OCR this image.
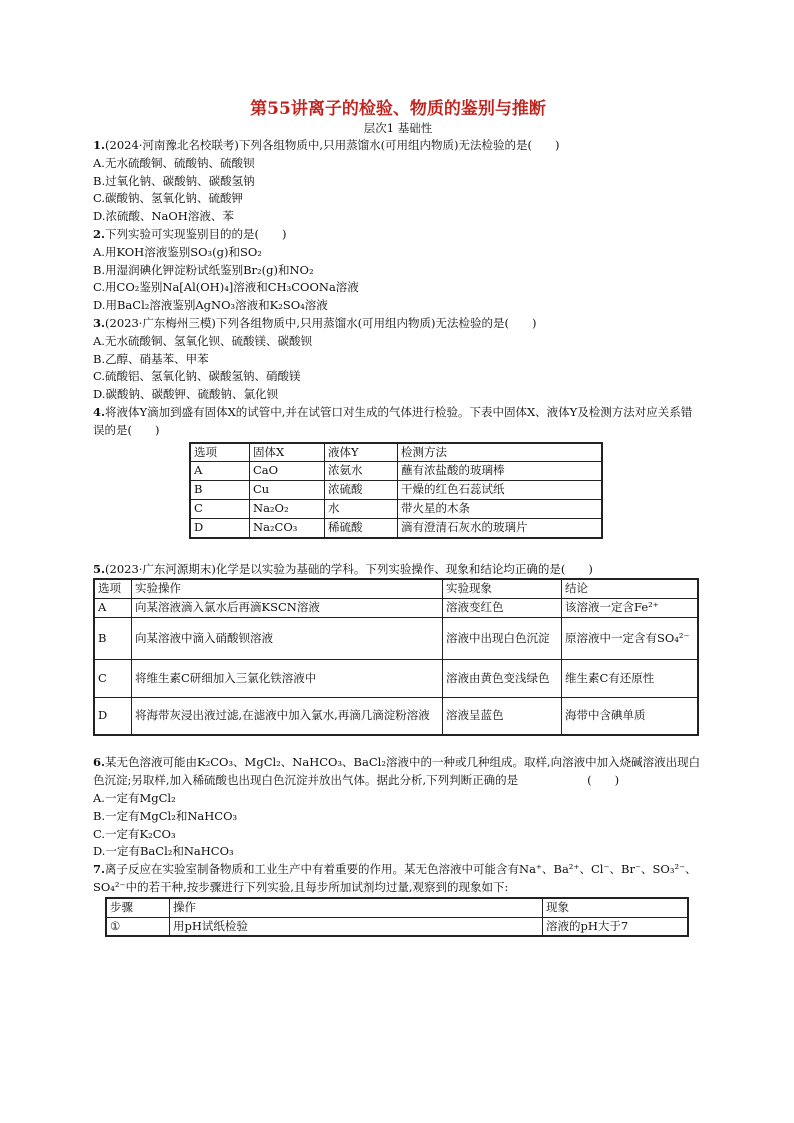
第55讲离子的检验、物质的鉴别与推断

层次1 基础性

1.(2024·河南豫北名校联考)下列各组物质中,只用蒸馏水(可用组内物质)无法检验的是(　　)

A.无水硫酸铜、硫酸钠、硫酸钡

B.过氧化钠、碳酸钠、碳酸氢钠

C.碳酸钠、氢氧化钠、硫酸钾

D.浓硫酸、NaOH溶液、苯

2.下列实验可实现鉴别目的的是(　　)

A.用KOH溶液鉴别SO₃(g)和SO₂

B.用湿润碘化钾淀粉试纸鉴别Br₂(g)和NO₂

C.用CO₂鉴别Na[Al(OH)₄]溶液和CH₃COONa溶液

D.用BaCl₂溶液鉴别AgNO₃溶液和K₂SO₄溶液

3.(2023·广东梅州三模)下列各组物质中,只用蒸馏水(可用组内物质)无法检验的是(　　)

A.无水硫酸铜、氢氧化钡、硫酸镁、碳酸钡

B.乙醇、硝基苯、甲苯

C.硫酸铝、氢氧化钠、碳酸氢钠、硝酸镁

D.碳酸钠、碳酸钾、硫酸钠、氯化钡

4.将液体Y滴加到盛有固体X的试管中,并在试管口对生成的气体进行检验。下表中固体X、液体Y及检测方法对应关系错误的是(　　)

选项	固体X	液体Y	检测方法
A	CaO	浓氨水	蘸有浓盐酸的玻璃棒
B	Cu	浓硫酸	干燥的红色石蕊试纸
C	Na₂O₂	水	带火星的木条
D	Na₂CO₃	稀硫酸	滴有澄清石灰水的玻璃片

5.(2023·广东河源期末)化学是以实验为基础的学科。下列实验操作、现象和结论均正确的是(　　)

选项	实验操作	实验现象	结论
A	向某溶液滴入氯水后再滴KSCN溶液	溶液变红色	该溶液一定含Fe²⁺
B	向某溶液中滴入硝酸钡溶液	溶液中出现白色沉淀	原溶液中一定含有SO₄²⁻
C	将维生素C研细加入三氯化铁溶液中	溶液由黄色变浅绿色	维生素C有还原性
D	将海带灰浸出液过滤,在滤液中加入氯水,再滴几滴淀粉溶液	溶液呈蓝色	海带中含碘单质

6.某无色溶液可能由K₂CO₃、MgCl₂、NaHCO₃、BaCl₂溶液中的一种或几种组成。取样,向溶液中加入烧碱溶液出现白色沉淀;另取样,加入稀硫酸也出现白色沉淀并放出气体。据此分析,下列判断正确的是　　　　　　(　　)

A.一定有MgCl₂

B.一定有MgCl₂和NaHCO₃

C.一定有K₂CO₃

D.一定有BaCl₂和NaHCO₃

7.离子反应在实验室制备物质和工业生产中有着重要的作用。某无色溶液中可能含有Na⁺、Ba²⁺、Cl⁻、Br⁻、SO₃²⁻、SO₄²⁻中的若干种,按步骤进行下列实验,且每步所加试剂均过量,观察到的现象如下:

步骤	操作	现象
①	用pH试纸检验	溶液的pH大于7
